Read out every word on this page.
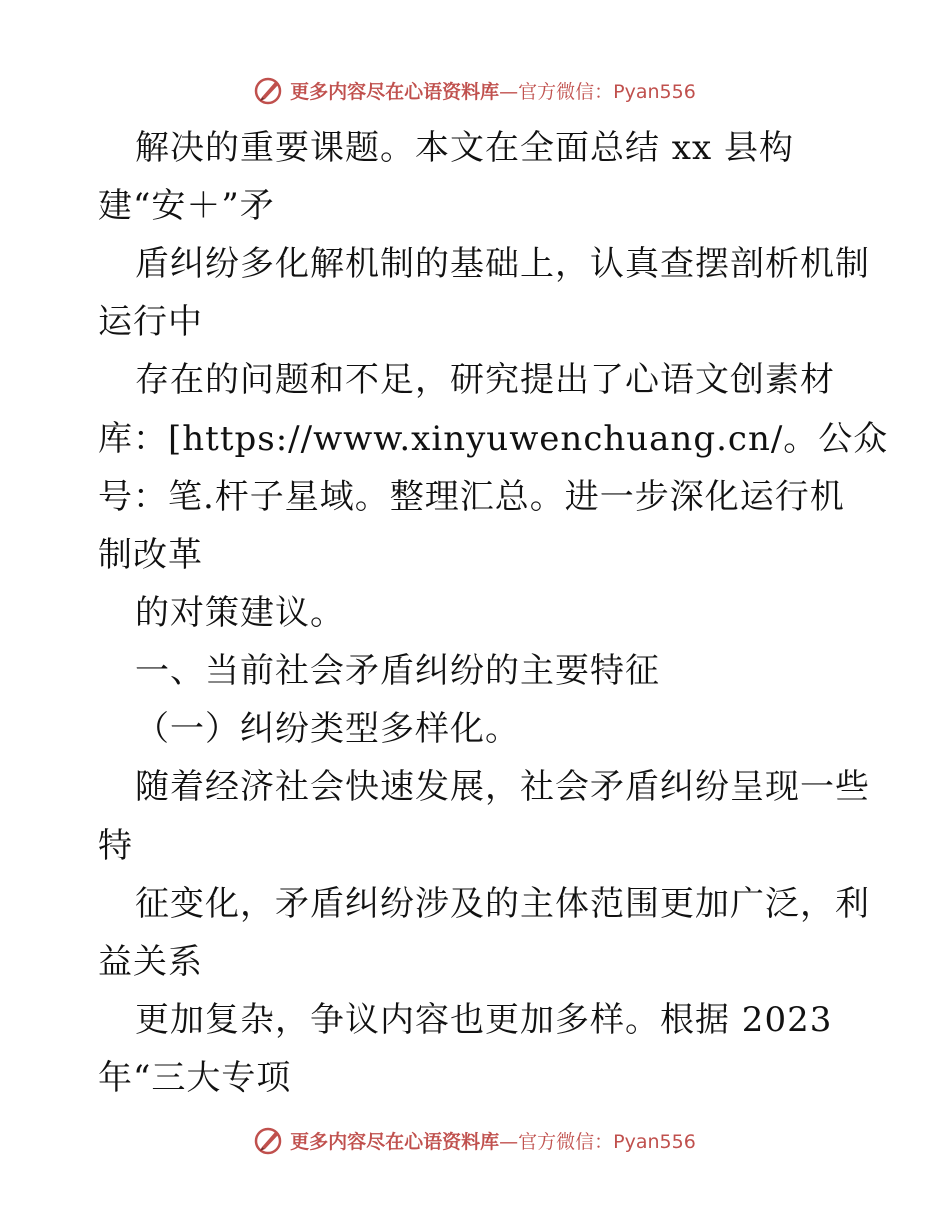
更多内容尽在心语资料库 —官方微信：Pyan556
解决的重要课题。本文在全面总结 xx 县构
建“安＋”矛
盾纠纷多化解机制的基础上，认真查摆剖析机制
运行中
存在的问题和不足，研究提出了心语文创素材
库：[https://www.xinyuwenchuang.cn/。公众
号：笔.杆子星域。整理汇总。进一步深化运行机
制改革
的对策建议。
一、当前社会矛盾纠纷的主要特征
（一）纠纷类型多样化。
随着经济社会快速发展，社会矛盾纠纷呈现一些
特
征变化，矛盾纠纷涉及的主体范围更加广泛，利
益关系
更加复杂，争议内容也更加多样。根据 2023
年“三大专项
更多内容尽在心语资料库 —官方微信：Pyan556
